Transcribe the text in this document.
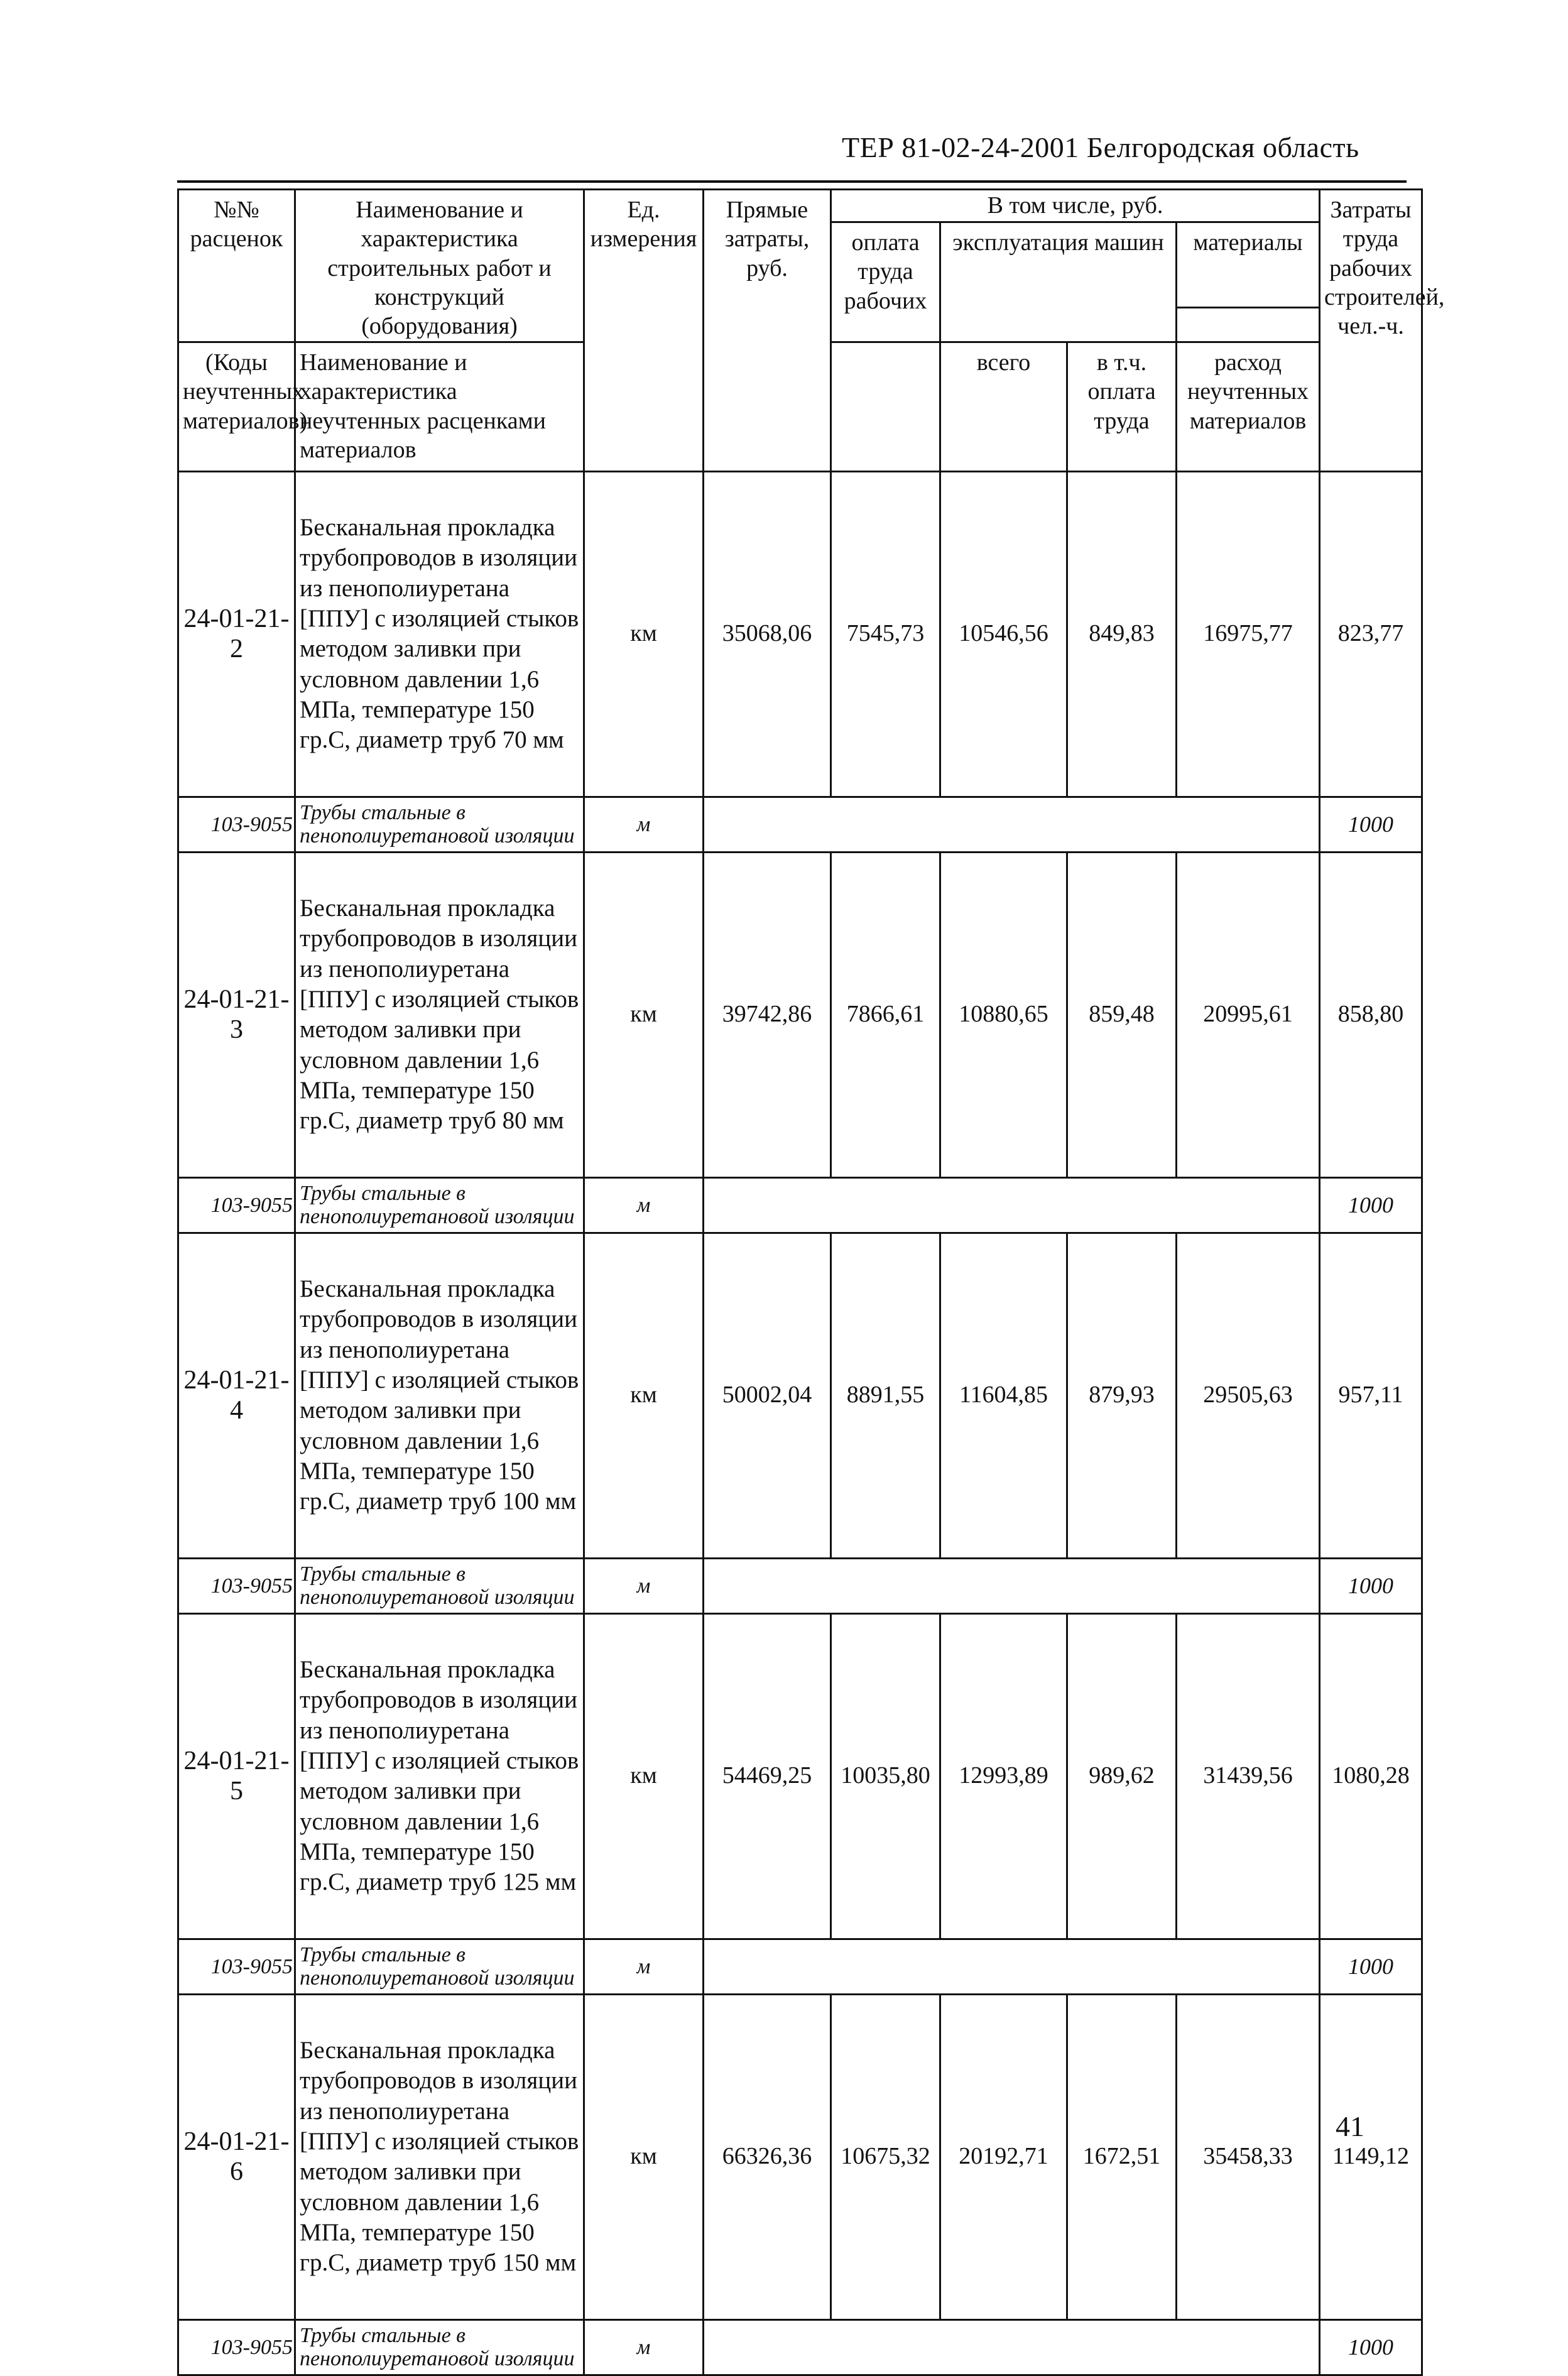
ТЕР 81-02-24-2001 Белгородская область
№№ расценок	Наименование и характеристика строительных работ и конструкций (оборудования)	Ед. измерения	Прямые затраты, руб.	В том числе, руб.				Затраты труда рабочих строителей, чел.-ч.	
				оплата труда рабочих	эксплуатация машин		материалы		

(Коды неучтенных материалов)	Наименование и характеристика неучтенных расценками материалов				всего	в т.ч. оплата труда	расход неучтенных материалов		

24-01-21-2	Бесканальная прокладка трубопроводов в изоляции из пенополиуретана [ППУ] с изоляцией стыков методом заливки при условном давлении 1,6 МПа, температуре 150 гр.С, диаметр труб 70 мм	км	35068,06	7545,73	10546,56	849,83	16975,77	823,77	
103-9055	Трубы стальные в пенополиуретановой изоляции	м						1000	
24-01-21-3	Бесканальная прокладка трубопроводов в изоляции из пенополиуретана [ППУ] с изоляцией стыков методом заливки при условном давлении 1,6 МПа, температуре 150 гр.С, диаметр труб 80 мм	км	39742,86	7866,61	10880,65	859,48	20995,61	858,80	
103-9055	Трубы стальные в пенополиуретановой изоляции	м						1000	
24-01-21-4	Бесканальная прокладка трубопроводов в изоляции из пенополиуретана [ППУ] с изоляцией стыков методом заливки при условном давлении 1,6 МПа, температуре 150 гр.С, диаметр труб 100 мм	км	50002,04	8891,55	11604,85	879,93	29505,63	957,11	
103-9055	Трубы стальные в пенополиуретановой изоляции	м						1000	
24-01-21-5	Бесканальная прокладка трубопроводов в изоляции из пенополиуретана [ППУ] с изоляцией стыков методом заливки при условном давлении 1,6 МПа, температуре 150 гр.С, диаметр труб 125 мм	км	54469,25	10035,80	12993,89	989,62	31439,56	1080,28	
103-9055	Трубы стальные в пенополиуретановой изоляции	м						1000	
24-01-21-6	Бесканальная прокладка трубопроводов в изоляции из пенополиуретана [ППУ] с изоляцией стыков методом заливки при условном давлении 1,6 МПа, температуре 150 гр.С, диаметр труб 150 мм	км	66326,36	10675,32	20192,71	1672,51	35458,33	1149,12	
103-9055	Трубы стальные в пенополиуретановой изоляции	м						1000	
41
